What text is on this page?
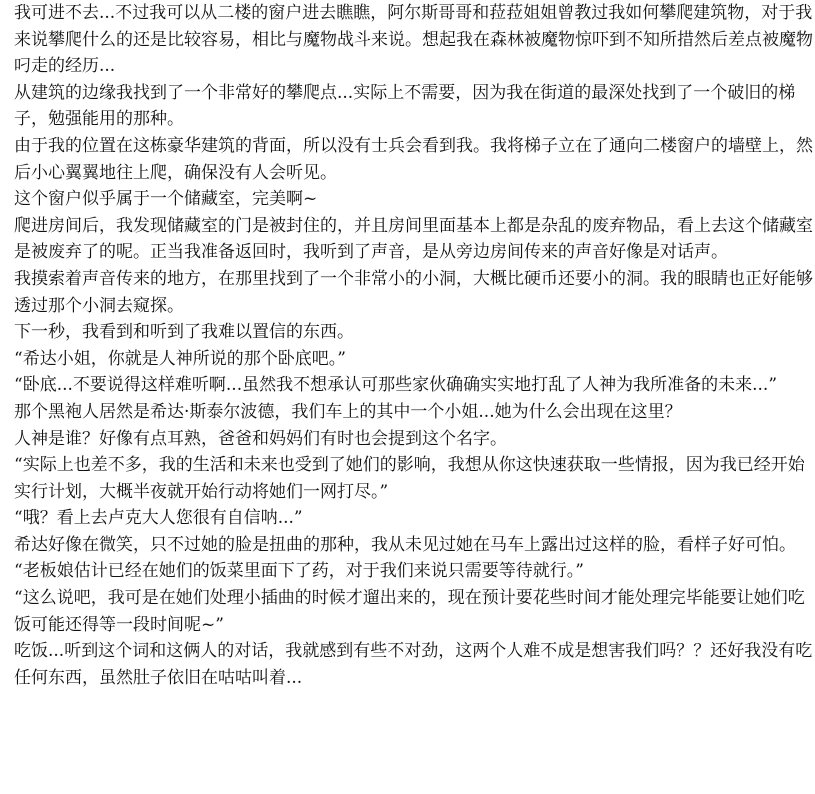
我可进不去...不过我可以从二楼的窗户进去瞧瞧，阿尔斯哥哥和菈菈姐姐曾教过我如何攀爬建筑物，对于我来说攀爬什么的还是比较容易，相比与魔物战斗来说。想起我在森林被魔物惊吓到不知所措然后差点被魔物叼走的经历...

从建筑的边缘我找到了一个非常好的攀爬点...实际上不需要，因为我在街道的最深处找到了一个破旧的梯子，勉强能用的那种。

由于我的位置在这栋豪华建筑的背面，所以没有士兵会看到我。我将梯子立在了通向二楼窗户的墙壁上，然后小心翼翼地往上爬，确保没有人会听见。

这个窗户似乎属于一个储藏室，完美啊~

爬进房间后，我发现储藏室的门是被封住的，并且房间里面基本上都是杂乱的废弃物品，看上去这个储藏室是被废弃了的呢。正当我准备返回时，我听到了声音，是从旁边房间传来的声音好像是对话声。

我摸索着声音传来的地方，在那里找到了一个非常小的小洞，大概比硬币还要小的洞。我的眼睛也正好能够透过那个小洞去窥探。

下一秒，我看到和听到了我难以置信的东西。

“希达小姐，你就是人神所说的那个卧底吧。”

“卧底...不要说得这样难听啊...虽然我不想承认可那些家伙确确实实地打乱了人神为我所准备的未来...”

那个黑袍人居然是希达·斯泰尔波德，我们车上的其中一个小姐...她为什么会出现在这里？

人神是谁？好像有点耳熟，爸爸和妈妈们有时也会提到这个名字。

“实际上也差不多，我的生活和未来也受到了她们的影响，我想从你这快速获取一些情报，因为我已经开始实行计划，大概半夜就开始行动将她们一网打尽。”

“哦？看上去卢克大人您很有自信呐...”

希达好像在微笑，只不过她的脸是扭曲的那种，我从未见过她在马车上露出过这样的脸，看样子好可怕。

“老板娘估计已经在她们的饭菜里面下了药，对于我们来说只需要等待就行。”

“这么说吧，我可是在她们处理小插曲的时候才遛出来的，现在预计要花些时间才能处理完毕能要让她们吃饭可能还得等一段时间呢~”

吃饭...听到这个词和这俩人的对话，我就感到有些不对劲，这两个人难不成是想害我们吗？？还好我没有吃任何东西，虽然肚子依旧在咕咕叫着...
